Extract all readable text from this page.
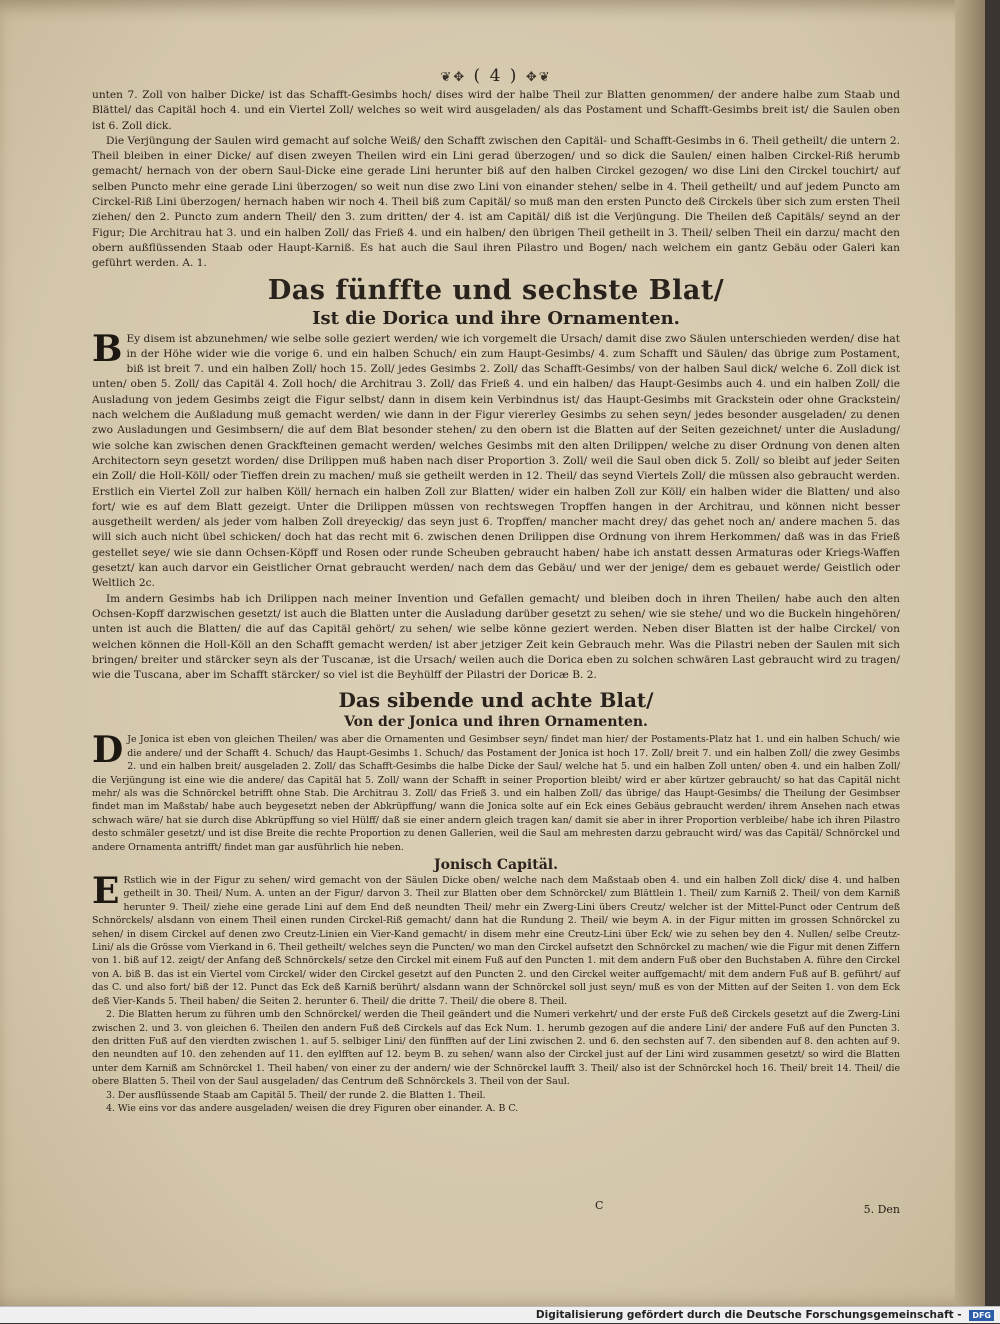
❦✥ ( 4 ) ✥❦

unten 7. Zoll von halber Dicke/ ist das Schafft-Gesimbs hoch/ dises wird der halbe Theil zur Blatten genommen/ der andere halbe zum Staab und Blättel/ das Capitäl hoch 4. und ein Viertel Zoll/ welches so weit wird ausgeladen/ als das Postament und Schafft-Gesimbs breit ist/ die Saulen oben ist 6. Zoll dick.

Die Verjüngung der Saulen wird gemacht auf solche Weiß/ den Schafft zwischen den Capitäl- und Schafft-Gesimbs in 6. Theil getheilt/ die untern 2. Theil bleiben in einer Dicke/ auf disen zweyen Theilen wird ein Lini gerad überzogen/ und so dick die Saulen/ einen halben Circkel-Riß herumb gemacht/ hernach von der obern Saul-Dicke eine gerade Lini herunter biß auf den halben Circkel gezogen/ wo dise Lini den Circkel touchirt/ auf selben Puncto mehr eine gerade Lini überzogen/ so weit nun dise zwo Lini von einander stehen/ selbe in 4. Theil getheilt/ und auf jedem Puncto am Circkel-Riß Lini überzogen/ hernach haben wir noch 4. Theil biß zum Capitäl/ so muß man den ersten Puncto deß Circkels über sich zum ersten Theil ziehen/ den 2. Puncto zum andern Theil/ den 3. zum dritten/ der 4. ist am Capitäl/ diß ist die Verjüngung. Die Theilen deß Capitäls/ seynd an der Figur; Die Architrau hat 3. und ein halben Zoll/ das Frieß 4. und ein halben/ den übrigen Theil getheilt in 3. Theil/ selben Theil ein darzu/ macht den obern außflüssenden Staab oder Haupt-Karniß. Es hat auch die Saul ihren Pilastro und Bogen/ nach welchem ein gantz Gebäu oder Galeri kan geführt werden. A. 1.

Das fünffte und sechste Blat/
Ist die Dorica und ihre Ornamenten.

B Ey disem ist abzunehmen/ wie selbe solle geziert werden/ wie ich vorgemelt die Ursach/ damit dise zwo Säulen unterschieden werden/ dise hat in der Höhe wider wie die vorige 6. und ein halben Schuch/ ein zum Haupt-Gesimbs/ 4. zum Schafft und Säulen/ das übrige zum Postament, biß ist breit 7. und ein halben Zoll/ hoch 15. Zoll/ jedes Gesimbs 2. Zoll/ das Schafft-Gesimbs/ von der halben Saul dick/ welche 6. Zoll dick ist unten/ oben 5. Zoll/ das Capitäl 4. Zoll hoch/ die Architrau 3. Zoll/ das Frieß 4. und ein halben/ das Haupt-Gesimbs auch 4. und ein halben Zoll/ die Ausladung von jedem Gesimbs zeigt die Figur selbst/ dann in disem kein Verbindnus ist/ das Haupt-Gesimbs mit Grackstein oder ohne Grackstein/ nach welchem die Außladung muß gemacht werden/ wie dann in der Figur viererley Gesimbs zu sehen seyn/ jedes besonder ausgeladen/ zu denen zwo Ausladungen und Gesimbsern/ die auf dem Blat besonder stehen/ zu den obern ist die Blatten auf der Seiten gezeichnet/ unter die Ausladung/ wie solche kan zwischen denen Grackfteinen gemacht werden/ welches Gesimbs mit den alten Drilippen/ welche zu diser Ordnung von denen alten Architectorn seyn gesetzt worden/ dise Drilippen muß haben nach diser Proportion 3. Zoll/ weil die Saul oben dick 5. Zoll/ so bleibt auf jeder Seiten ein Zoll/ die Holl-Köll/ oder Tieffen drein zu machen/ muß sie getheilt werden in 12. Theil/ das seynd Viertels Zoll/ die müssen also gebraucht werden. Erstlich ein Viertel Zoll zur halben Köll/ hernach ein halben Zoll zur Blatten/ wider ein halben Zoll zur Köll/ ein halben wider die Blatten/ und also fort/ wie es auf dem Blatt gezeigt. Unter die Drilippen müssen von rechtswegen Tropffen hangen in der Architrau, und können nicht besser ausgetheilt werden/ als jeder vom halben Zoll dreyeckig/ das seyn just 6. Tropffen/ mancher macht drey/ das gehet noch an/ andere machen 5. das will sich auch nicht übel schicken/ doch hat das recht mit 6. zwischen denen Drilippen dise Ordnung von ihrem Herkommen/ daß was in das Frieß gestellet seye/ wie sie dann Ochsen-Köpff und Rosen oder runde Scheuben gebraucht haben/ habe ich anstatt dessen Armaturas oder Kriegs-Waffen gesetzt/ kan auch darvor ein Geistlicher Ornat gebraucht werden/ nach dem das Gebäu/ und wer der jenige/ dem es gebauet werde/ Geistlich oder Weltlich 2c.

Im andern Gesimbs hab ich Drilippen nach meiner Invention und Gefallen gemacht/ und bleiben doch in ihren Theilen/ habe auch den alten Ochsen-Kopff darzwischen gesetzt/ ist auch die Blatten unter die Ausladung darüber gesetzt zu sehen/ wie sie stehe/ und wo die Buckeln hingehören/ unten ist auch die Blatten/ die auf das Capitäl gehört/ zu sehen/ wie selbe könne geziert werden. Neben diser Blatten ist der halbe Circkel/ von welchen können die Holl-Köll an den Schafft gemacht werden/ ist aber jetziger Zeit kein Gebrauch mehr. Was die Pilastri neben der Saulen mit sich bringen/ breiter und stärcker seyn als der Tuscanæ, ist die Ursach/ weilen auch die Dorica eben zu solchen schwären Last gebraucht wird zu tragen/ wie die Tuscana, aber im Schafft stärcker/ so viel ist die Beyhülff der Pilastri der Doricæ B. 2.

Das sibende und achte Blat/
Von der Jonica und ihren Ornamenten.

D Je Jonica ist eben von gleichen Theilen/ was aber die Ornamenten und Gesimbser seyn/ findet man hier/ der Postaments-Platz hat 1. und ein halben Schuch/ wie die andere/ und der Schafft 4. Schuch/ das Haupt-Gesimbs 1. Schuch/ das Postament der Jonica ist hoch 17. Zoll/ breit 7. und ein halben Zoll/ die zwey Gesimbs 2. und ein halben breit/ ausgeladen 2. Zoll/ das Schafft-Gesimbs die halbe Dicke der Saul/ welche hat 5. und ein halben Zoll unten/ oben 4. und ein halben Zoll/ die Verjüngung ist eine wie die andere/ das Capitäl hat 5. Zoll/ wann der Schafft in seiner Proportion bleibt/ wird er aber kürtzer gebraucht/ so hat das Capitäl nicht mehr/ als was die Schnörckel betrifft ohne Stab. Die Architrau 3. Zoll/ das Frieß 3. und ein halben Zoll/ das übrige/ das Haupt-Gesimbs/ die Theilung der Gesimbser findet man im Maßstab/ habe auch beygesetzt neben der Abkrüpffung/ wann die Jonica solte auf ein Eck eines Gebäus gebraucht werden/ ihrem Ansehen nach etwas schwach wäre/ hat sie durch dise Abkrüpffung so viel Hülff/ daß sie einer andern gleich tragen kan/ damit sie aber in ihrer Proportion verbleibe/ habe ich ihren Pilastro desto schmäler gesetzt/ und ist dise Breite die rechte Proportion zu denen Gallerien, weil die Saul am mehresten darzu gebraucht wird/ was das Capitäl/ Schnörckel und andere Ornamenta antrifft/ findet man gar ausführlich hie neben.

Jonisch Capitäl.

E Rstlich wie in der Figur zu sehen/ wird gemacht von der Säulen Dicke oben/ welche nach dem Maßstaab oben 4. und ein halben Zoll dick/ dise 4. und halben getheilt in 30. Theil/ Num. A. unten an der Figur/ darvon 3. Theil zur Blatten ober dem Schnörckel/ zum Blättlein 1. Theil/ zum Karniß 2. Theil/ von dem Karniß herunter 9. Theil/ ziehe eine gerade Lini auf dem End deß neundten Theil/ mehr ein Zwerg-Lini übers Creutz/ welcher ist der Mittel-Punct oder Centrum deß Schnörckels/ alsdann von einem Theil einen runden Circkel-Riß gemacht/ dann hat die Rundung 2. Theil/ wie beym A. in der Figur mitten im grossen Schnörckel zu sehen/ in disem Circkel auf denen zwo Creutz-Linien ein Vier-Kand gemacht/ in disem mehr eine Creutz-Lini über Eck/ wie zu sehen bey den 4. Nullen/ selbe Creutz-Lini/ als die Grösse vom Vierkand in 6. Theil getheilt/ welches seyn die Puncten/ wo man den Circkel aufsetzt den Schnörckel zu machen/ wie die Figur mit denen Ziffern von 1. biß auf 12. zeigt/ der Anfang deß Schnörckels/ setze den Circkel mit einem Fuß auf den Puncten 1. mit dem andern Fuß ober den Buchstaben A. führe den Circkel von A. biß B. das ist ein Viertel vom Circkel/ wider den Circkel gesetzt auf den Puncten 2. und den Circkel weiter auffgemacht/ mit dem andern Fuß auf B. geführt/ auf das C. und also fort/ biß der 12. Punct das Eck deß Karniß berührt/ alsdann wann der Schnörckel soll just seyn/ muß es von der Mitten auf der Seiten 1. von dem Eck deß Vier-Kands 5. Theil haben/ die Seiten 2. herunter 6. Theil/ die dritte 7. Theil/ die obere 8. Theil.

2. Die Blatten herum zu führen umb den Schnörckel/ werden die Theil geändert und die Numeri verkehrt/ und der erste Fuß deß Circkels gesetzt auf die Zwerg-Lini zwischen 2. und 3. von gleichen 6. Theilen den andern Fuß deß Circkels auf das Eck Num. 1. herumb gezogen auf die andere Lini/ der andere Fuß auf den Puncten 3. den dritten Fuß auf den vierdten zwischen 1. auf 5. selbiger Lini/ den fünfften auf der Lini zwischen 2. und 6. den sechsten auf 7. den sibenden auf 8. den achten auf 9. den neundten auf 10. den zehenden auf 11. den eylfften auf 12. beym B. zu sehen/ wann also der Circkel just auf der Lini wird zusammen gesetzt/ so wird die Blatten unter dem Karniß am Schnörckel 1. Theil haben/ von einer zu der andern/ wie der Schnörckel laufft 3. Theil/ also ist der Schnörckel hoch 16. Theil/ breit 14. Theil/ die obere Blatten 5. Theil von der Saul ausgeladen/ das Centrum deß Schnörckels 3. Theil von der Saul.

3. Der ausflüssende Staab am Capitäl 5. Theil/ der runde 2. die Blatten 1. Theil.

4. Wie eins vor das andere ausgeladen/ weisen die drey Figuren ober einander. A. B C.

C	5. Den
Digitalisierung gefördert durch die Deutsche Forschungsgemeinschaft - DFG
